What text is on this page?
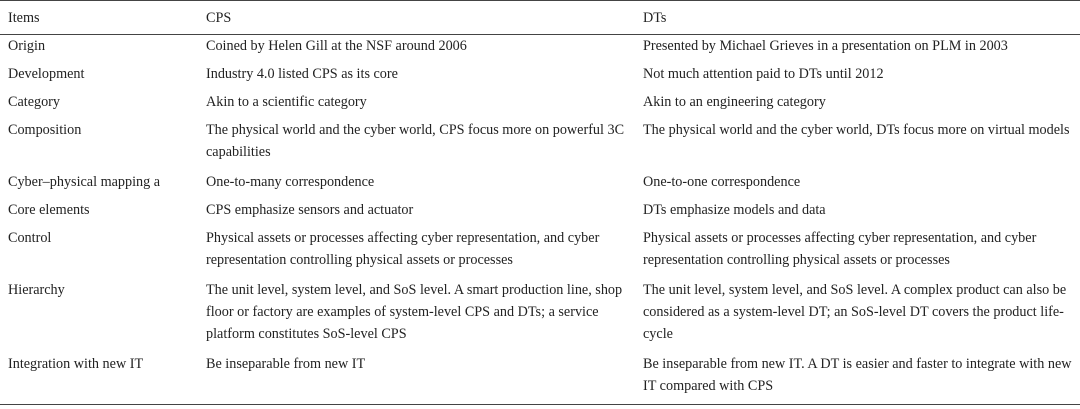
Items	CPS	DTs
Origin	Coined by Helen Gill at the NSF around 2006	Presented by Michael Grieves in a presentation on PLM in 2003
Development	Industry 4.0 listed CPS as its core	Not much attention paid to DTs until 2012
Category	Akin to a scientific category	Akin to an engineering category
Composition	The physical world and the cyber world, CPS focus more on powerful 3C capabilities	The physical world and the cyber world, DTs focus more on virtual models
Cyber–physical mapping a	One-to-many correspondence	One-to-one correspondence
Core elements	CPS emphasize sensors and actuator	DTs emphasize models and data
Control	Physical assets or processes affecting cyber representation, and cyber representation controlling physical assets or processes	Physical assets or processes affecting cyber representation, and cyber representation controlling physical assets or processes
Hierarchy	The unit level, system level, and SoS level. A smart production line, shop floor or factory are examples of system-level CPS and DTs; a service platform constitutes SoS-level CPS	The unit level, system level, and SoS level. A complex product can also be considered as a system-level DT; an SoS-level DT covers the product life-cycle
Integration with new IT	Be inseparable from new IT	Be inseparable from new IT. A DT is easier and faster to integrate with new IT compared with CPS
